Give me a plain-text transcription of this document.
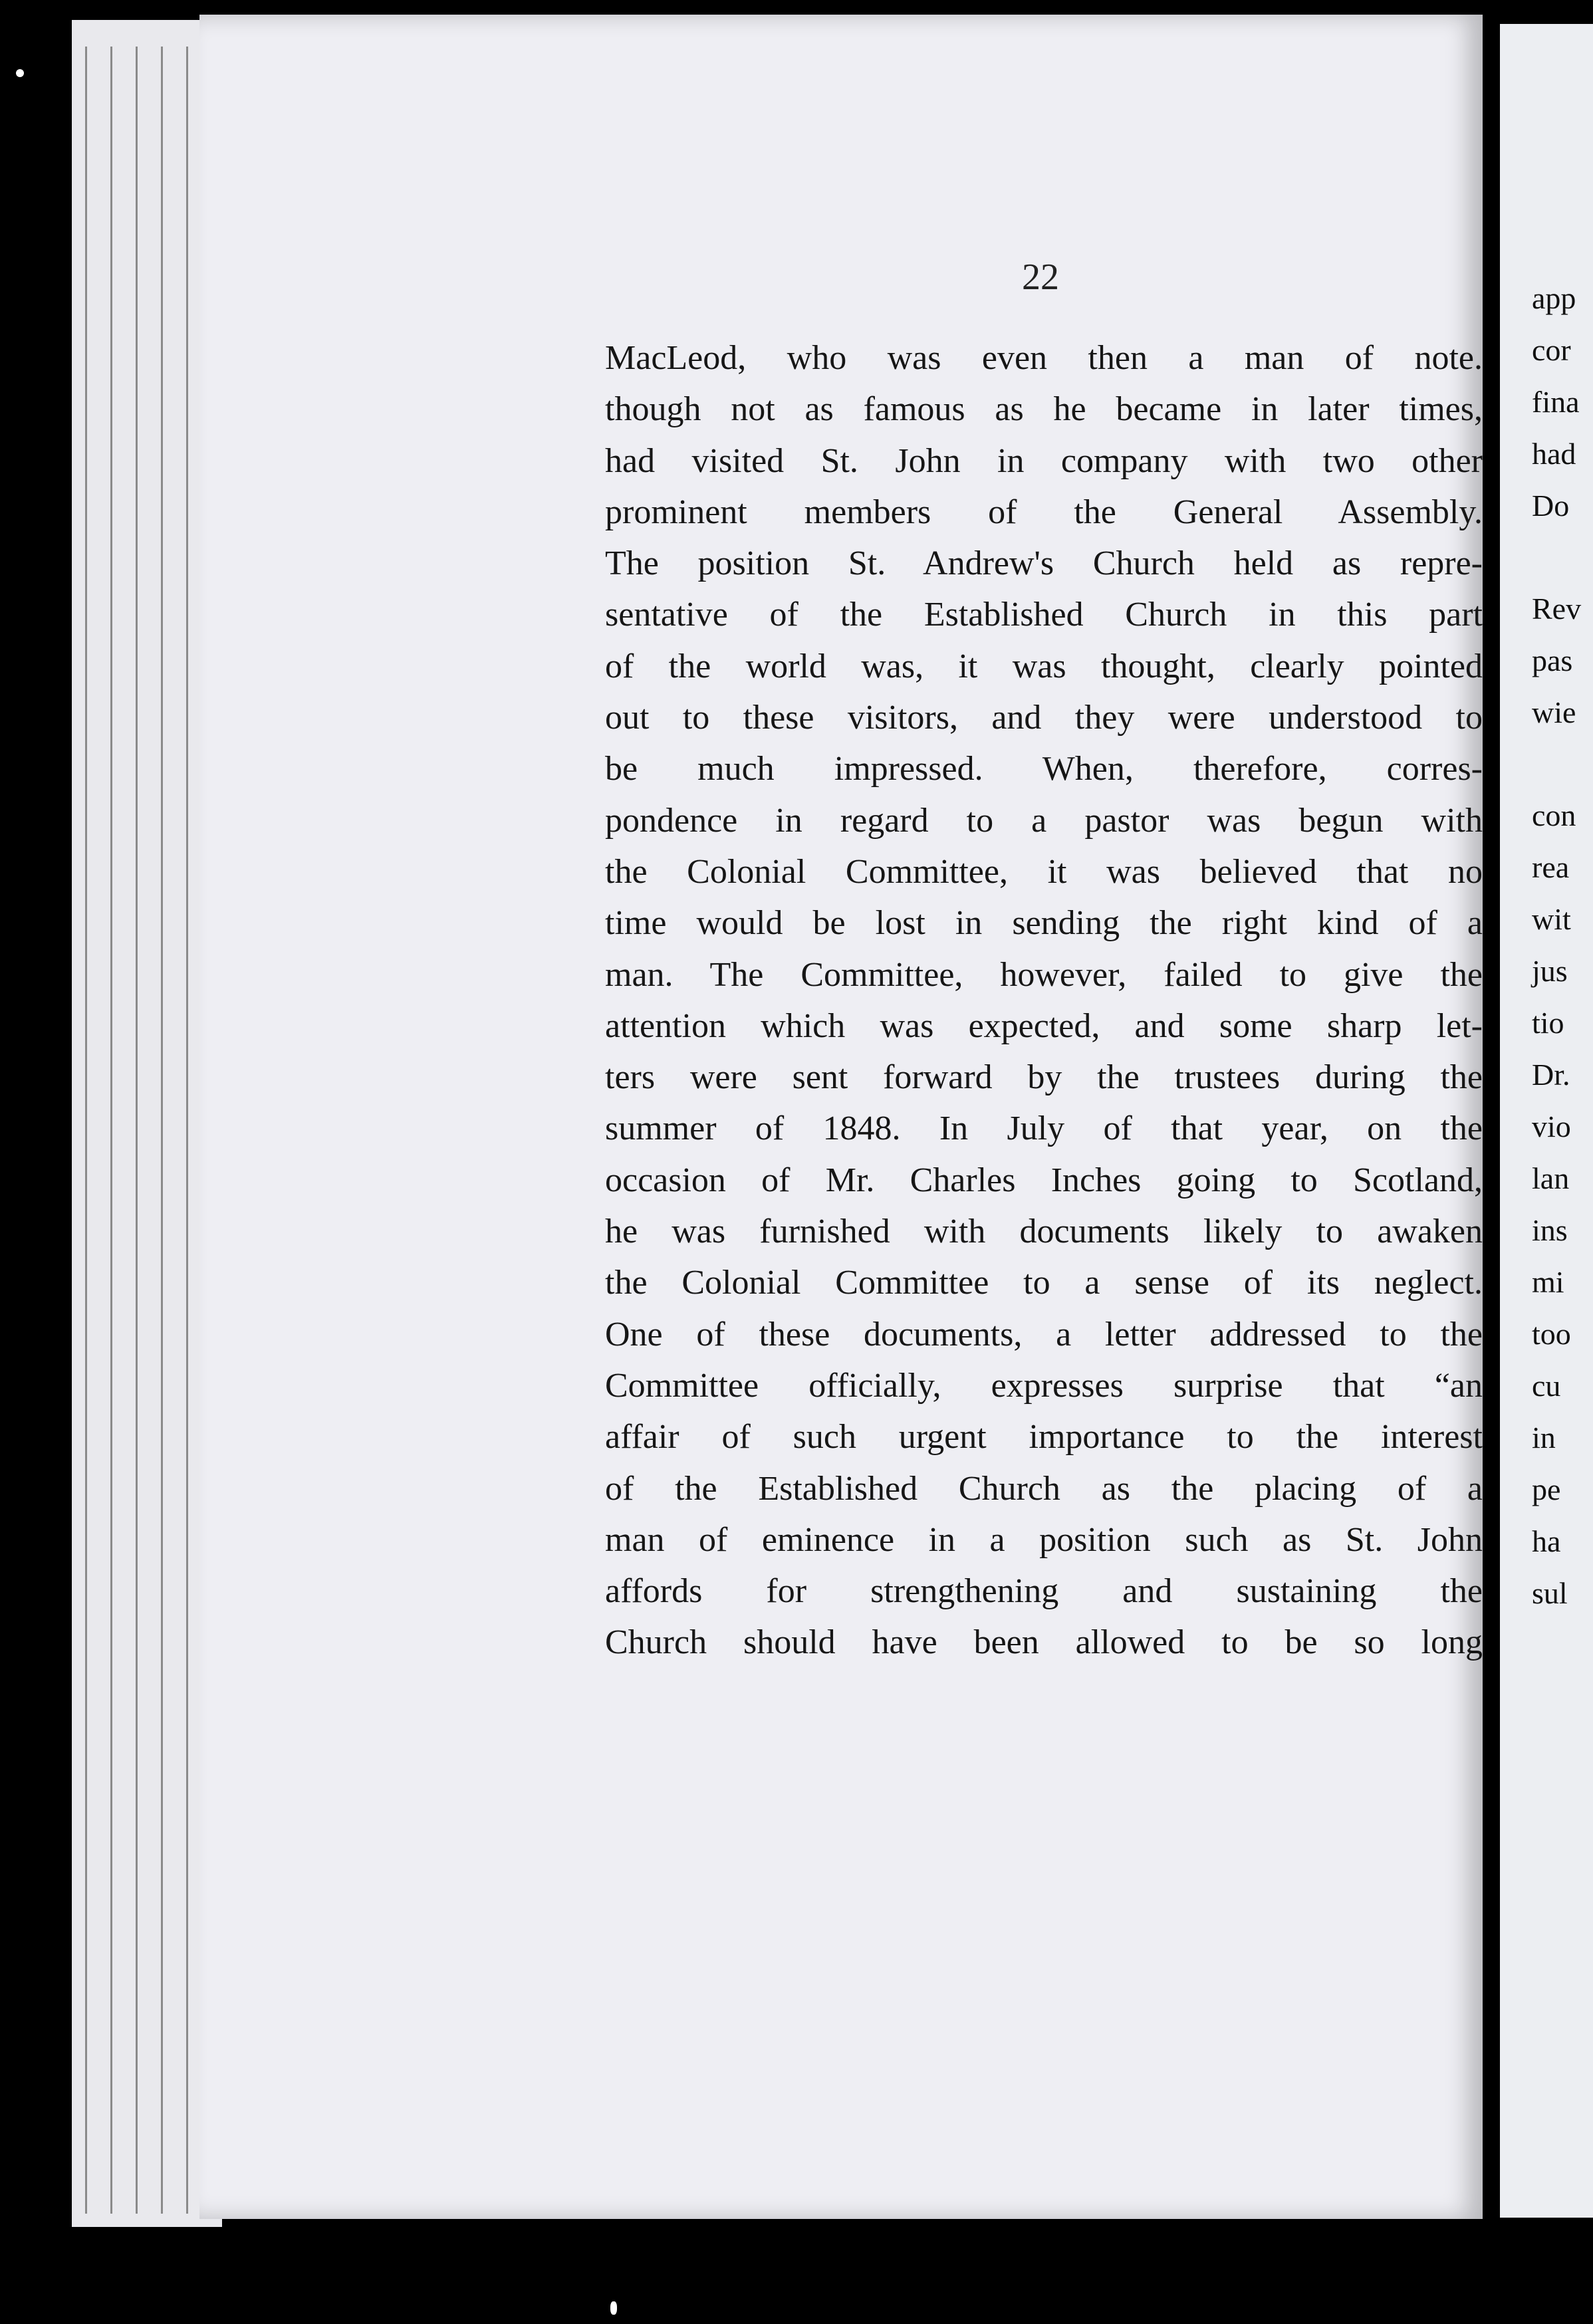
app
cor
fina
had
Do
Rev
pas
wie
con
rea
wit
jus
tio
Dr.
vio
lan
ins
mi
too
cu
in
pe
ha
sul
22
MacLeod, who was even then a man of note.
though not as famous as he became in later times,
had visited St. John in company with two other
prominent members of the General Assembly.
The position St. Andrew's Church held as repre-
sentative of the Established Church in this part
of the world was, it was thought, clearly pointed
out to these visitors, and they were understood to
be much impressed. When, therefore, corres-
pondence in regard to a pastor was begun with
the Colonial Committee, it was believed that no
time would be lost in sending the right kind of a
man. The Committee, however, failed to give the
attention which was expected, and some sharp let-
ters were sent forward by the trustees during the
summer of 1848. In July of that year, on the
occasion of Mr. Charles Inches going to Scotland,
he was furnished with documents likely to awaken
the Colonial Committee to a sense of its neglect.
One of these documents, a letter addressed to the
Committee officially, expresses surprise that “an
affair of such urgent importance to the interest
of the Established Church as the placing of a
man of eminence in a position such as St. John
affords for strengthening and sustaining the
Church should have been allowed to be so long
